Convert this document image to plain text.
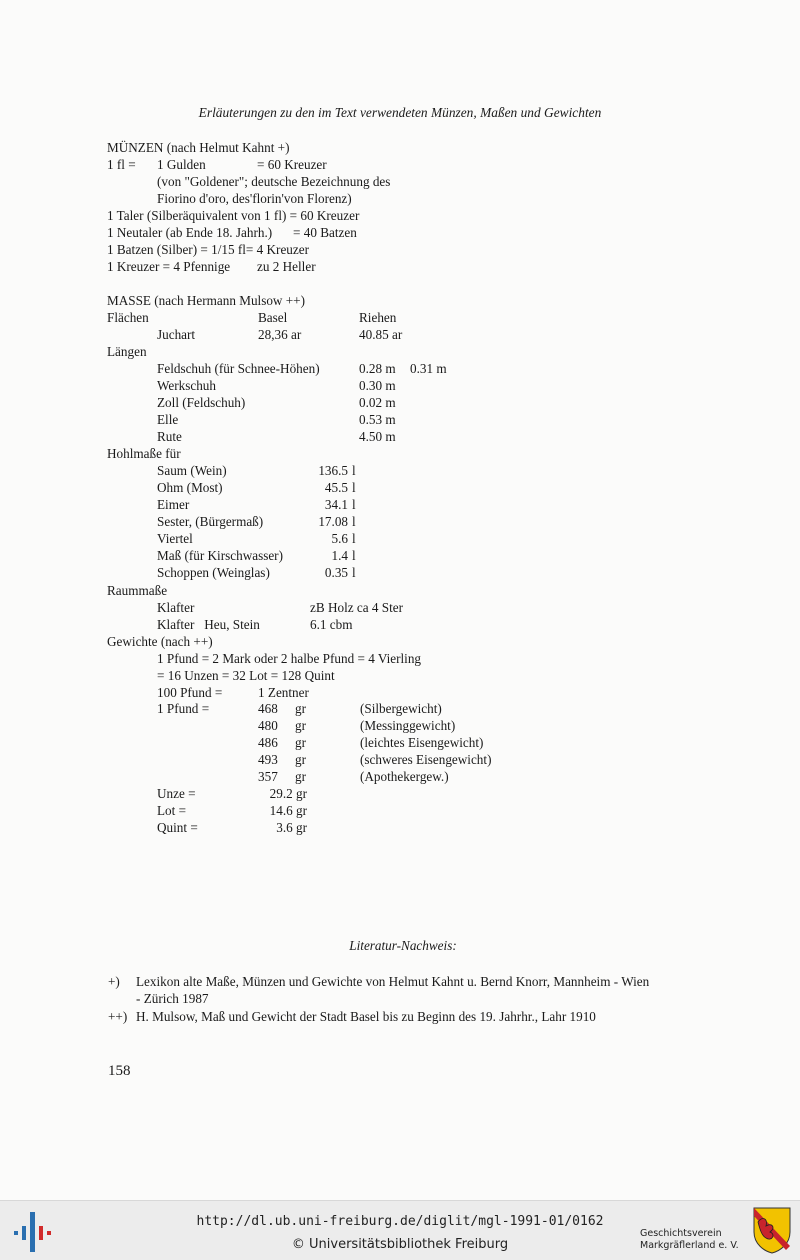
Erläuterungen zu den im Text verwendeten Münzen, Maßen und Gewichten
MÜNZEN (nach Helmut Kahnt +)
1 fl = 1 Gulden	= 60 Kreuzer
(von "Goldener"; deutsche Bezeichnung des
Fiorino d'oro, des'florin'von Florenz)
1 Taler (Silberäquivalent von 1 fl) = 60 Kreuzer
1 Neutaler (ab Ende 18. Jahrh.) = 40 Batzen
1 Batzen (Silber) = 1/15 fl= 4 Kreuzer
1 Kreuzer = 4 Pfennige zu 2 Heller
MASSE (nach Hermann Mulsow ++)
Flächen	Basel	Riehen
Juchart	28,36 ar	40.85 ar
Längen
Feldschuh (für Schnee-Höhen)	0.28 m 0.31 m
Werkschuh	0.30 m
Zoll (Feldschuh)	0.02 m
Elle	0.53 m
Rute	4.50 m
Hohlmaße für
Saum (Wein)	136.5 l
Ohm (Most)	45.5 l
Eimer	34.1 l
Sester, (Bürgermaß)	17.08 l
Viertel	5.6 l
Maß (für Kirschwasser)	1.4 l
Schoppen (Weinglas)	0.35 l
Raummaße
Klafter	zB Holz ca 4 Ster
Klafter   Heu, Stein	6.1 cbm
Gewichte (nach ++)
1 Pfund = 2 Mark oder 2 halbe Pfund = 4 Vierling
= 16 Unzen = 32 Lot = 128 Quint
100 Pfund =	1 Zentner
1 Pfund =	468 gr	(Silbergewicht)
480 gr	(Messinggewicht)
486 gr	(leichtes Eisengewicht)
493 gr	(schweres Eisengewicht)
357 gr	(Apothekergew.)
Unze =	29.2 gr
Lot =	14.6 gr
Quint =	3.6 gr
Literatur-Nachweis:
+) Lexikon alte Maße, Münzen und Gewichte von Helmut Kahnt u. Bernd Knorr, Mannheim - Wien
- Zürich 1987
++) H. Mulsow, Maß und Gewicht der Stadt Basel bis zu Beginn des 19. Jahrhr., Lahr 1910
158
http://dl.ub.uni-freiburg.de/diglit/mgl-1991-01/0162
© Universitätsbibliothek Freiburg
Geschichtsverein
Markgräflerland e. V.
